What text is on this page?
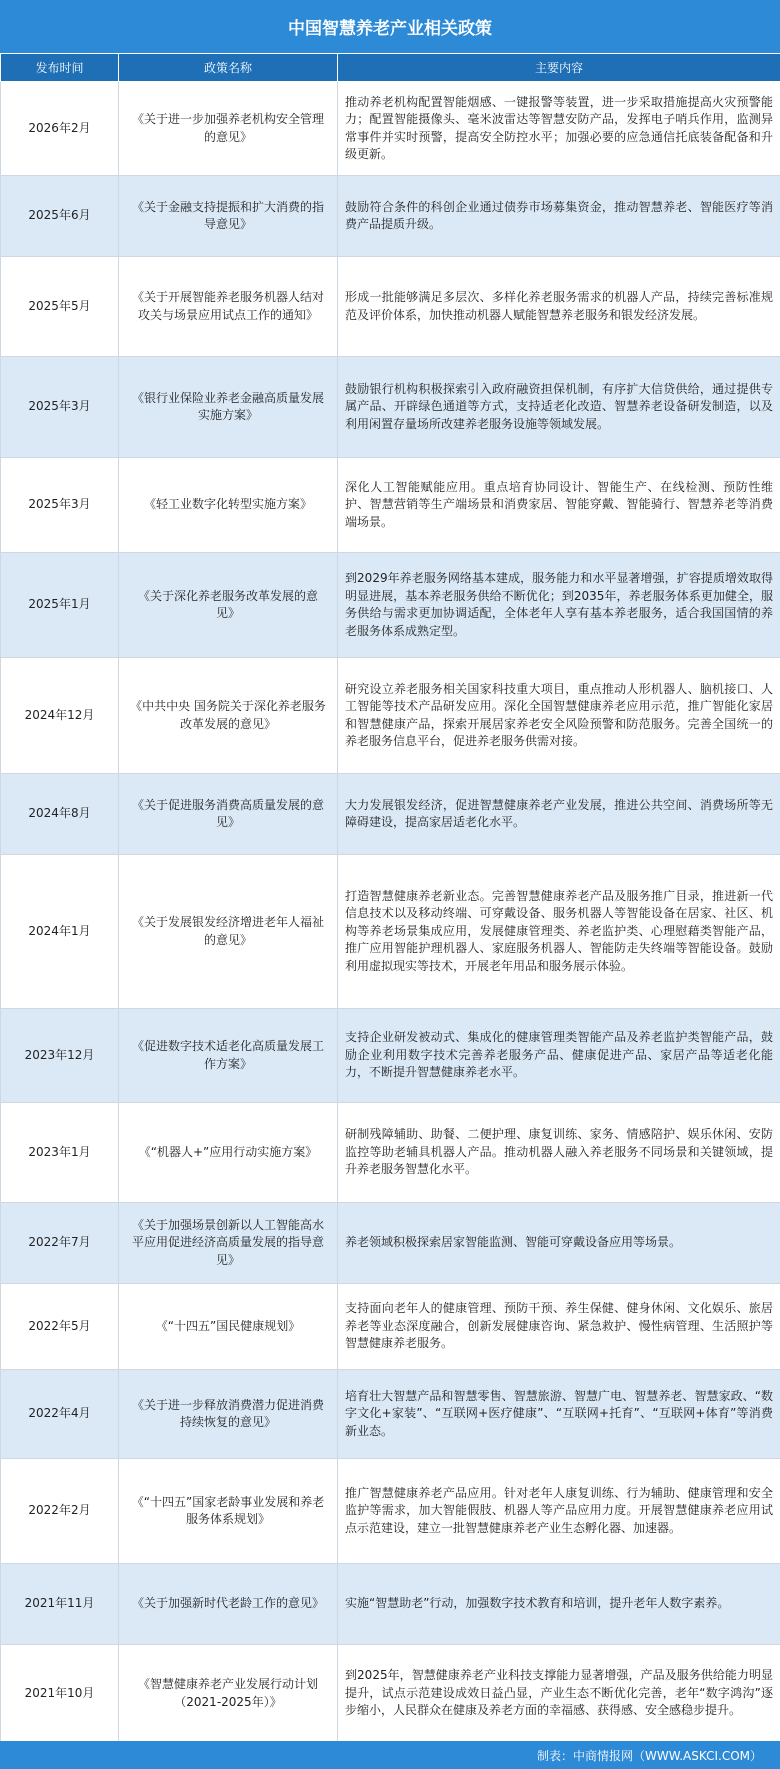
中国智慧养老产业相关政策
发布时间	政策名称	主要内容
2026年2月	《关于进一步加强养老机构安全管理的意见》	推动养老机构配置智能烟感、一键报警等装置，进一步采取措施提高火灾预警能力；配置智能摄像头、毫米波雷达等智慧安防产品，发挥电子哨兵作用，监测异常事件并实时预警，提高安全防控水平；加强必要的应急通信托底装备配备和升级更新。
2025年6月	《关于金融支持提振和扩大消费的指导意见》	鼓励符合条件的科创企业通过债券市场募集资金，推动智慧养老、智能医疗等消费产品提质升级。
2025年5月	《关于开展智能养老服务机器人结对攻关与场景应用试点工作的通知》	形成一批能够满足多层次、多样化养老服务需求的机器人产品，持续完善标准规范及评价体系，加快推动机器人赋能智慧养老服务和银发经济发展。
2025年3月	《银行业保险业养老金融高质量发展实施方案》	鼓励银行机构积极探索引入政府融资担保机制，有序扩大信贷供给，通过提供专属产品、开辟绿色通道等方式，支持适老化改造、智慧养老设备研发制造，以及利用闲置存量场所改建养老服务设施等领域发展。
2025年3月	《轻工业数字化转型实施方案》	深化人工智能赋能应用。重点培育协同设计、智能生产、在线检测、预防性维护、智慧营销等生产端场景和消费家居、智能穿戴、智能骑行、智慧养老等消费端场景。
2025年1月	《关于深化养老服务改革发展的意见》	到2029年养老服务网络基本建成，服务能力和水平显著增强，扩容提质增效取得明显进展，基本养老服务供给不断优化；到2035年，养老服务体系更加健全，服务供给与需求更加协调适配，全体老年人享有基本养老服务，适合我国国情的养老服务体系成熟定型。
2024年12月	《中共中央 国务院关于深化养老服务改革发展的意见》	研究设立养老服务相关国家科技重大项目，重点推动人形机器人、脑机接口、人工智能等技术产品研发应用。深化全国智慧健康养老应用示范，推广智能化家居和智慧健康产品，探索开展居家养老安全风险预警和防范服务。完善全国统一的养老服务信息平台，促进养老服务供需对接。
2024年8月	《关于促进服务消费高质量发展的意见》	大力发展银发经济，促进智慧健康养老产业发展，推进公共空间、消费场所等无障碍建设，提高家居适老化水平。
2024年1月	《关于发展银发经济增进老年人福祉的意见》	打造智慧健康养老新业态。完善智慧健康养老产品及服务推广目录，推进新一代信息技术以及移动终端、可穿戴设备、服务机器人等智能设备在居家、社区、机构等养老场景集成应用，发展健康管理类、养老监护类、心理慰藉类智能产品，推广应用智能护理机器人、家庭服务机器人、智能防走失终端等智能设备。鼓励利用虚拟现实等技术，开展老年用品和服务展示体验。
2023年12月	《促进数字技术适老化高质量发展工作方案》	支持企业研发被动式、集成化的健康管理类智能产品及养老监护类智能产品，鼓励企业利用数字技术完善养老服务产品、健康促进产品、家居产品等适老化能力，不断提升智慧健康养老水平。
2023年1月	《“机器人+”应用行动实施方案》	研制残障辅助、助餐、二便护理、康复训练、家务、情感陪护、娱乐休闲、安防监控等助老辅具机器人产品。推动机器人融入养老服务不同场景和关键领域，提升养老服务智慧化水平。
2022年7月	《关于加强场景创新以人工智能高水平应用促进经济高质量发展的指导意见》	养老领域积极探索居家智能监测、智能可穿戴设备应用等场景。
2022年5月	《“十四五”国民健康规划》	支持面向老年人的健康管理、预防干预、养生保健、健身休闲、文化娱乐、旅居养老等业态深度融合，创新发展健康咨询、紧急救护、慢性病管理、生活照护等智慧健康养老服务。
2022年4月	《关于进一步释放消费潜力促进消费持续恢复的意见》	培育壮大智慧产品和智慧零售、智慧旅游、智慧广电、智慧养老、智慧家政、“数字文化+家装”、“互联网+医疗健康”、“互联网+托育”、“互联网+体育”等消费新业态。
2022年2月	《“十四五”国家老龄事业发展和养老服务体系规划》	推广智慧健康养老产品应用。针对老年人康复训练、行为辅助、健康管理和安全监护等需求，加大智能假肢、机器人等产品应用力度。开展智慧健康养老应用试点示范建设，建立一批智慧健康养老产业生态孵化器、加速器。
2021年11月	《关于加强新时代老龄工作的意见》	实施“智慧助老”行动，加强数字技术教育和培训，提升老年人数字素养。
2021年10月	《智慧健康养老产业发展行动计划（2021-2025年）》	到2025年，智慧健康养老产业科技支撑能力显著增强，产品及服务供给能力明显提升，试点示范建设成效日益凸显，产业生态不断优化完善，老年“数字鸿沟”逐步缩小，人民群众在健康及养老方面的幸福感、获得感、安全感稳步提升。
制表：中商情报网（WWW.ASKCI.COM）
